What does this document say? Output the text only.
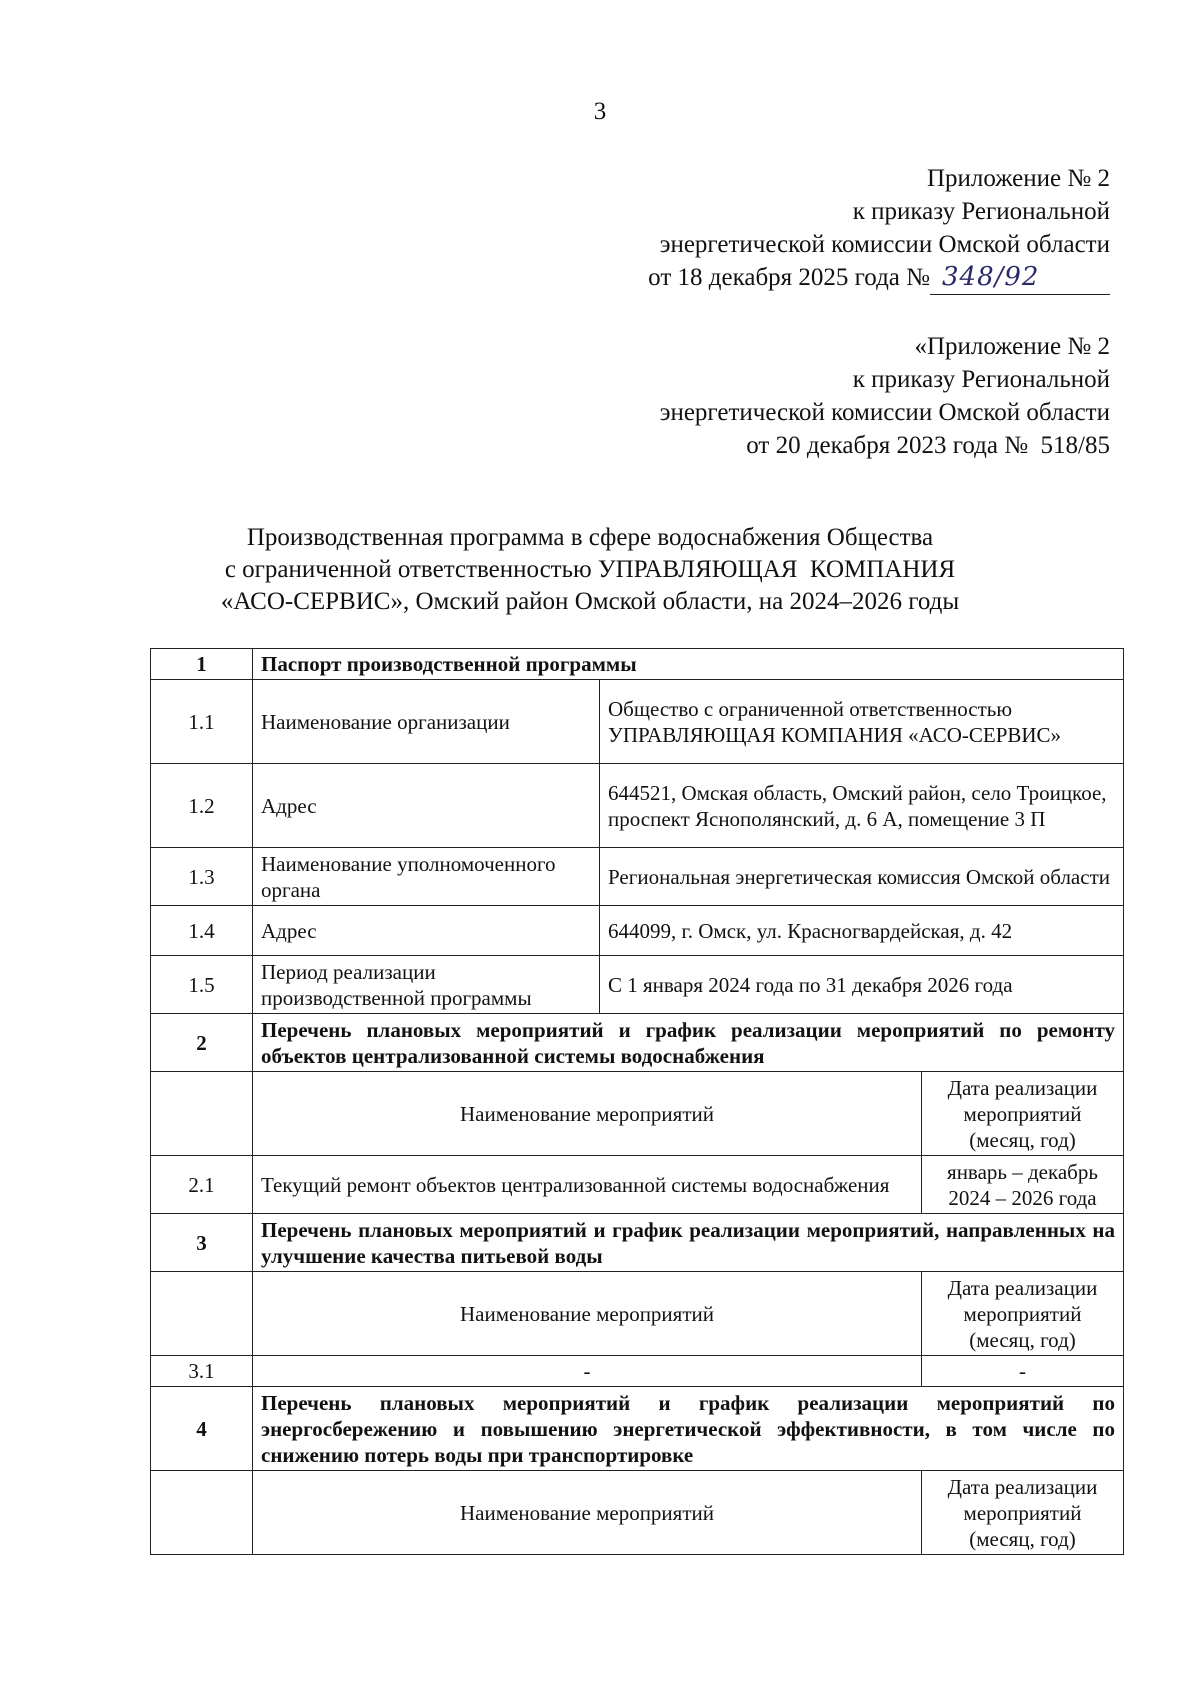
3
Приложение № 2
к приказу Региональной
энергетической комиссии Омской области
от 18 декабря 2025 года № 348/92
«Приложение № 2
к приказу Региональной
энергетической комиссии Омской области
от 20 декабря 2023 года №  518/85
Производственная программа в сфере водоснабжения Общества
с ограниченной ответственностью УПРАВЛЯЮЩАЯ  КОМПАНИЯ
«АСО-СЕРВИС», Омский район Омской области, на 2024–2026 годы
1	Паспорт производственной программы		
1.1	Наименование организации	Общество с ограниченной ответственностью УПРАВЛЯЮЩАЯ КОМПАНИЯ «АСО-СЕРВИС»	
1.2	Адрес	644521, Омская область, Омский район, село Троицкое, проспект Яснополянский, д. 6 А, помещение 3 П	
1.3	Наименование уполномоченного органа	Региональная энергетическая комиссия Омской области	
1.4	Адрес	644099, г. Омск, ул. Красногвардейская, д. 42	
1.5	Период реализации производственной программы	С 1 января 2024 года по 31 декабря 2026 года	
2	Перечень плановых мероприятий и график реализации мероприятий по ремонту объектов централизованной системы водоснабжения		
	Наименование мероприятий		Дата реализации мероприятий (месяц, год)
2.1	Текущий ремонт объектов централизованной системы водоснабжения		январь – декабрь 2024 – 2026 года
3	Перечень плановых мероприятий и график реализации мероприятий, направленных на улучшение качества питьевой воды		
	Наименование мероприятий		Дата реализации мероприятий (месяц, год)
3.1	-		-
4	Перечень плановых мероприятий и график реализации мероприятий по энергосбережению и повышению энергетической эффективности, в том числе по снижению потерь воды при транспортировке		
	Наименование мероприятий		Дата реализации мероприятий (месяц, год)
